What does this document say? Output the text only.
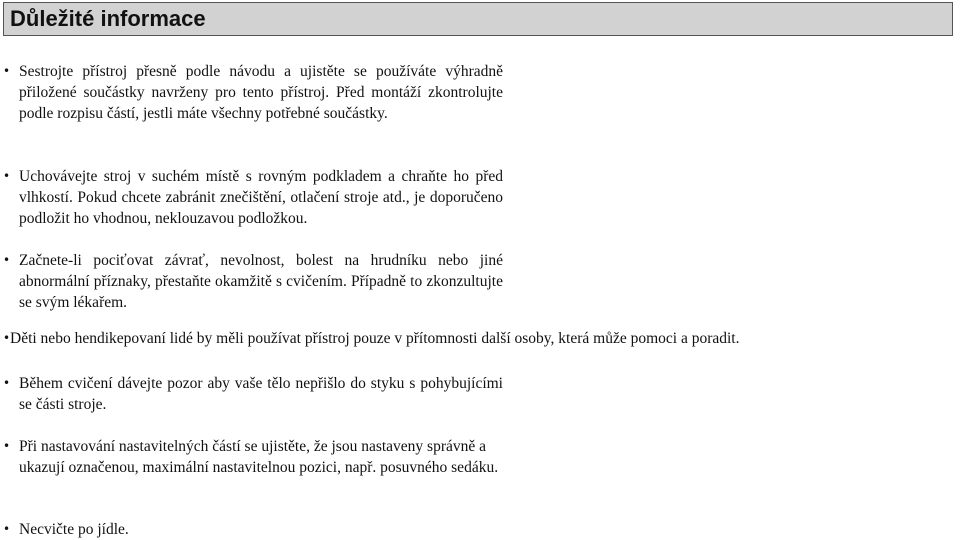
Důležité informace
• Sestrojte přístroj přesně podle návodu a ujistěte se používáte výhradně přiložené součástky navrženy pro tento přístroj. Před montáží zkontrolujte podle rozpisu částí, jestli máte všechny potřebné součástky.
• Uchovávejte stroj v suchém místě s rovným podkladem a chraňte ho před vlhkostí. Pokud chcete zabránit znečištění, otlačení stroje atd., je doporučeno podložit ho vhodnou, neklouzavou podložkou.
• Začnete-li pociťovat závrať, nevolnost, bolest na hrudníku nebo jiné abnormální příznaky, přestaňte okamžitě s cvičením. Případně to zkonzultujte se svým lékařem.
• Děti nebo hendikepovaní lidé by měli používat přístroj pouze v přítomnosti další osoby, která může pomoci a poradit.
• Během cvičení dávejte pozor aby vaše tělo nepřišlo do styku s pohybujícími se části stroje.
• Při nastavování nastavitelných částí se ujistěte, že jsou nastaveny správně a ukazují označenou, maximální nastavitelnou pozici, např. posuvného sedáku.
• Necvičte po jídle.
